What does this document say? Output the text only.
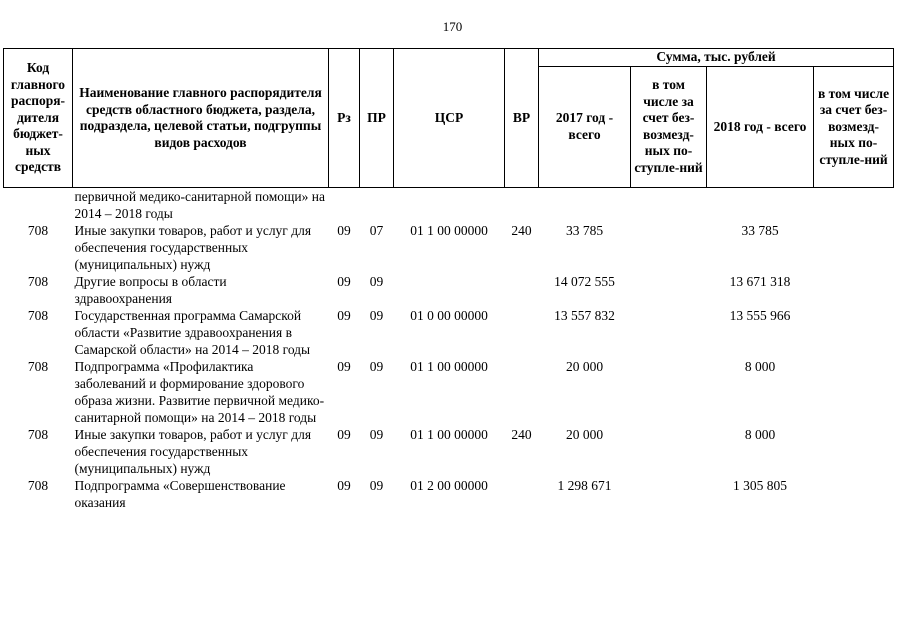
170
Код главного распоря-дителя бюджет-ных средств	Наименование главного распорядителя средств областного бюджета, раздела, подраздела, целевой статьи, подгруппы видов расходов	Рз	ПР	ЦСР	ВР	Сумма, тыс. рублей			
						2017 год - всего	в том числе за счет без-возмезд-ных по-ступле-ний	2018 год - всего	в том числе за счет без-возмезд-ных по-ступле-ний
	первичной медико-санитарной помощи» на 2014 – 2018 годы								
708	Иные закупки товаров, работ и услуг для обеспечения государственных (муниципальных) нужд	09	07	01 1 00 00000	240	33 785		33 785	
708	Другие вопросы в области здравоохранения	09	09			14 072 555		13 671 318	
708	Государственная программа Самарской области «Развитие здравоохранения в Самарской области» на 2014 – 2018 годы	09	09	01 0 00 00000		13 557 832		13 555 966	
708	Подпрограмма «Профилактика заболеваний и формирование здорового образа жизни. Развитие первичной медико-санитарной помощи» на 2014 – 2018 годы	09	09	01 1 00 00000		20 000		8 000	
708	Иные закупки товаров, работ и услуг для обеспечения государственных (муниципальных) нужд	09	09	01 1 00 00000	240	20 000		8 000	
708	Подпрограмма «Совершенствование оказания	09	09	01 2 00 00000		1 298 671		1 305 805	
